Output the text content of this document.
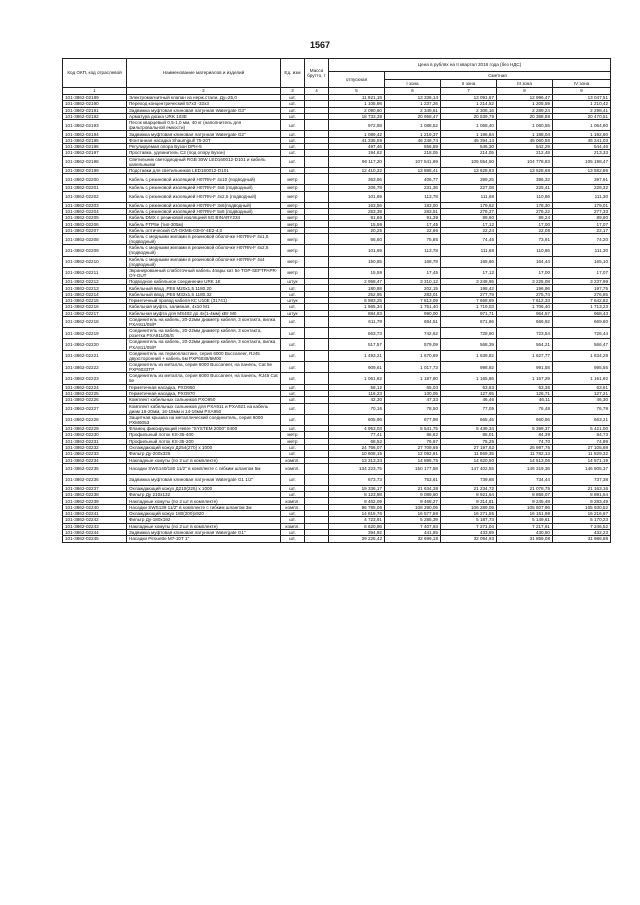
1567
Код ОКП, код отраслевой	Наименование материалов и изделий	Ед. изм	Масса брутто, т	Цена в рублях на II квартал 2016 года (без НДС)				
				отпускная	Сметная			
					I зона	II зона	III зона	IV зона
1	2	3	4	5	6	7	8	9
101-3862-02189	Электромагнитный клапан из нерж.стали, Ду=25,0	шт.		11 921,19	13 336,14	13 091,67	12 996,47	13 047,51
101-3862-02190	Переход концентрический 57х3 -32х3	шт.		1 105,98	1 237,26	1 214,52	1 205,59	1 210,42
101-3862-02191	Задвижка муфтовая клиновая латунная Watergate G3"	шт.		2 090,60	2 349,61	2 306,16	2 289,24	2 298,41
101-3862-02192	Арматура дюзка URK 103Е	шт.		18 733,39	20 958,47	20 539,79	20 388,88	20 470,51
101-3862-02193	Песок кварцевый 0,5-1,0 мм, 40 кг (наполнитель для фильтровальной емкости)	шт.		972,88	1 088,52	1 068,40	1 060,55	1 064,80
101-3862-02194	Задвижка муфтовая клиновая латунная Watergate G2"	шт.		1 089,42	1 219,37	1 196,84	1 188,04	1 192,80
101-3862-02195	Фонтанная насадка Shaumjpull 75-20Т	шт.		41 335,59	46 248,74	45 394,14	45 060,56	45 241,03
101-3862-02196	Регулируемая опора Бузон DPH-5	шт.		497,46	556,59	546,30	542,29	544,46
101-3862-02197	Проставка, удлинитель С2 (под опору Бузон)	шт.		194,62	218,05	214,05	212,48	213,33
101-3862-02198	Светильник светодиодный RGB 30W LED160012-D101 и кабель капельными	шт.		96 117,20	107 541,69	105 554,50	104 778,83	105 198,47
101-3862-02199	Подставки для светильников LED160012-D101	шт.		12 410,32	13 885,41	13 628,83	13 528,68	13 582,86
101-3862-02200	Кабель с резиновой изоляцией H07RN-F 4х10 (подводный)	метр		363,56	406,77	399,25	396,32	397,91
101-3862-02201	Кабель с резиновой изоляцией H07RN-F 4х6 (подводный)	метр		206,78	231,36	227,08	225,41	226,32
101-3862-02202	Кабель с резиновой изоляцией H07RN-F 4х2,5 (подводный)	метр		101,69	113,78	111,68	110,86	111,30
101-3862-02203	Кабель с резиновой изоляцией H07RN-F 3х6(подводный)	метр		163,56	183,00	179,62	178,30	179,01
101-3862-02204	Кабель с резиновой изоляцией H07RN-F 5х6 (подводный)	метр		253,39	283,51	278,27	276,22	277,33
101-3862-02205	Кабель DMX с резиновой изоляцией 5G BINARY234	метр		81,66	91,39	89,60	89,24	89,60
101-3862-02206	Кабель FTP5e (тип-305м)	метр		15,59	17,45	17,12	17,00	17,07
101-3862-02207	Кабель оптический СЛ-ОКМБ-03НУ-4Е2-4,0	метр		20,25	22,66	22,24	22,08	22,17
101-3862-02208	Кабель с медными жилами в резиновой оболочке H07RN-F 4х1,5 (подводный)	метр		66,60	75,85	74,45	73,91	74,20
101-3862-02209	Кабель с медными жилами в резиновой оболочке H07RN-F 4х2,5 (подводный)	метр		101,69	113,78	111,68	110,86	111,30
101-3862-02210	Кабель с медными жилами в резиновой оболочке H07RN-F 4х4 (подводный)	метр		150,85	168,78	165,66	164,44	165,10
101-3862-02211	Экранированный слаботочный кабель 4пары кат 5е TOP-SEFTPAPR-OY-OUT	метр		15,59	17,45	17,12	17,00	17,07
101-3862-02212	Подводное кабельное соединение URK 1К	штук		2 958,47	3 310,12	3 248,95	3 225,08	3 237,99
101-3862-02213	Кабельный ввод ,PE6 M20x1,5 1180.20	шт.		180,88	202,15	198,42	196,96	197,75
101-3862-02214	Кабельный ввод ,PE6 M32x1,5 1180.32	шт.		252,95	283,01	277,79	275,74	276,85
101-3862-02215	Герметичный провод кабеля КС U10E (31741)	штук		6 983,25	7 813,09	7 668,69	7 612,33	7 642,82
101-3862-02216	Кабельная муфта, заливная, 4х10 М1	шт.		1 565,34	1 751,40	1 719,03	1 706,40	1 713,23
101-3862-02217	Кабельная муфта для MS402 до 4х(1-4мм) кВт М0	штук		884,83	990,00	971,71	964,57	968,43
101-3862-02218	Соединитель на кабель, 20-22мм диаметр кабеля, 3 контакта, вилка PXA911/05/P	шт.		611,79	684,51	671,86	666,92	669,60
101-3862-02219	Соединитель на кабель, 20-22мм диаметр кабеля, 3 контакта, розетка PXA911/05/S	шт.		663,73	742,62	728,90	723,54	726,44
101-3862-02220	Соединитель на кабель, 20-22мм диаметр кабеля, 3 контакта, вилка PXA811/05/P	шт.		517,57	579,09	568,39	564,21	566,47
101-3862-02221	Соединитель на термопластике, серия 6000 Buccaneer, RJ45 двухсторонний + кабель 5м PXP6038/5M00	шт.		1 493,21	1 670,69	1 639,82	1 627,77	1 634,29
101-3862-02222	Соединитель из металла, серия 6000 Buccaneer, на панель, Cat 5е PXP6033TP	шт.		909,61	1 017,73	998,92	991,58	995,55
101-3862-02223	Соединитель из металла, серия 6000 Buccaneer, на панель, RJ45 Cat 5е	шт.		1 061,62	1 187,80	1 165,86	1 157,29	1 161,92
101-3862-02224	Герметичная насадка, PXO950	шт.		58,12	65,03	63,83	63,36	63,61
101-3862-02225	Герметичная насадка, PXO970	шт.		116,23	130,05	127,65	126,71	127,21
101-3862-02226	Комплект кабельных сальников PXO950	шт.		42,30	47,33	46,46	46,11	46,30
101-3862-02227	Комплект кабельных сальников для PXA911 и PXA921 на кабель диам 16-20мм, 16-18мм и 14-16мм PXA950	шт.		70,16	78,50	77,05	76,48	76,79
101-3862-02228	Защитная крышка на металлический соединитель, серия 6000 PXM6053	шт.		605,96	677,98	665,45	660,56	663,21
101-3862-02229	Фланец фиксирующий Невге "SYSTEM 2000" 0400	шт.		4 953,03	5 541,75	5 439,34	5 399,37	5 421,00
101-3862-02230	Профильный лоток KS-35-400	метр		77,41	86,62	85,01	84,39	84,73
101-3862-02231	Профильный лоток KS-35-200	метр		68,52	76,67	75,25	74,70	74,99
101-3862-02232	Охлаждающий кожух Д254(270) х 1000	шт.		24 766,07	27 709,65	27 197,62	26 997,76	27 105,89
101-3862-02233	Фильтр Ду-200х325	шт.		10 808,15	12 092,81	11 869,35	11 782,13	11 829,32
101-3862-02234	Накладные хомуты (по 2 шт в комплекте)	компл.		13 313,33	14 895,75	14 620,50	14 513,06	14 571,19
101-3862-02235	Насадки SWS140/180 11/2" в комплекте с гибким шлангом 5м	компл.		134 223,75	150 177,58	147 402,55	146 319,36	146 905,37
101-3862-02236	Задвижка муфтовая клиновая латунная Watergate G1 1/2"	шт.		673,73	753,61	739,68	734,44	737,38
101-3862-02237	Охлаждающий кожух Д210(225) х 1000	шт.		19 336,17	21 634,38	21 234,72	21 078,75	21 163,16
101-3862-02238	Фильтр Ду 210х132	шт.		8 123,98	9 089,60	8 921,64	8 856,07	8 891,54
101-3862-02239	Накладные хомуты (по 2 шт в комплекте)	компл.		8 462,09	9 468,27	9 314,81	9 245,48	9 283,49
101-3862-02240	Насадки SWS139 11/2" в комплекте с гибким шлангом 3м	компл.		96 785,06	108 290,05	106 289,09	105 507,96	105 930,52
101-3862-02241	Охлаждающий кожух 180(200)х920	шт.		14 815,76	16 577,58	16 271,55	16 151,98	16 216,67
101-3862-02242	Фильтр Ду-180х192	шт.		4 723,91	5 285,39	5 187,73	5 149,61	5 170,23
101-3862-02243	Накладные хомуты (по 2 шт в комплекте)	компл.		6 620,96	7 407,93	7 271,04	7 217,61	7 246,52
101-3862-02244	Задвижка муфтовая клиновая латунная Watergate G1"	шт.		394,92	441,85	433,69	430,50	432,23
101-3862-02245	Насадки Pirouette M7-10Т 1"	шт.		29 225,42	32 699,18	32 094,93	31 859,08	31 986,68
